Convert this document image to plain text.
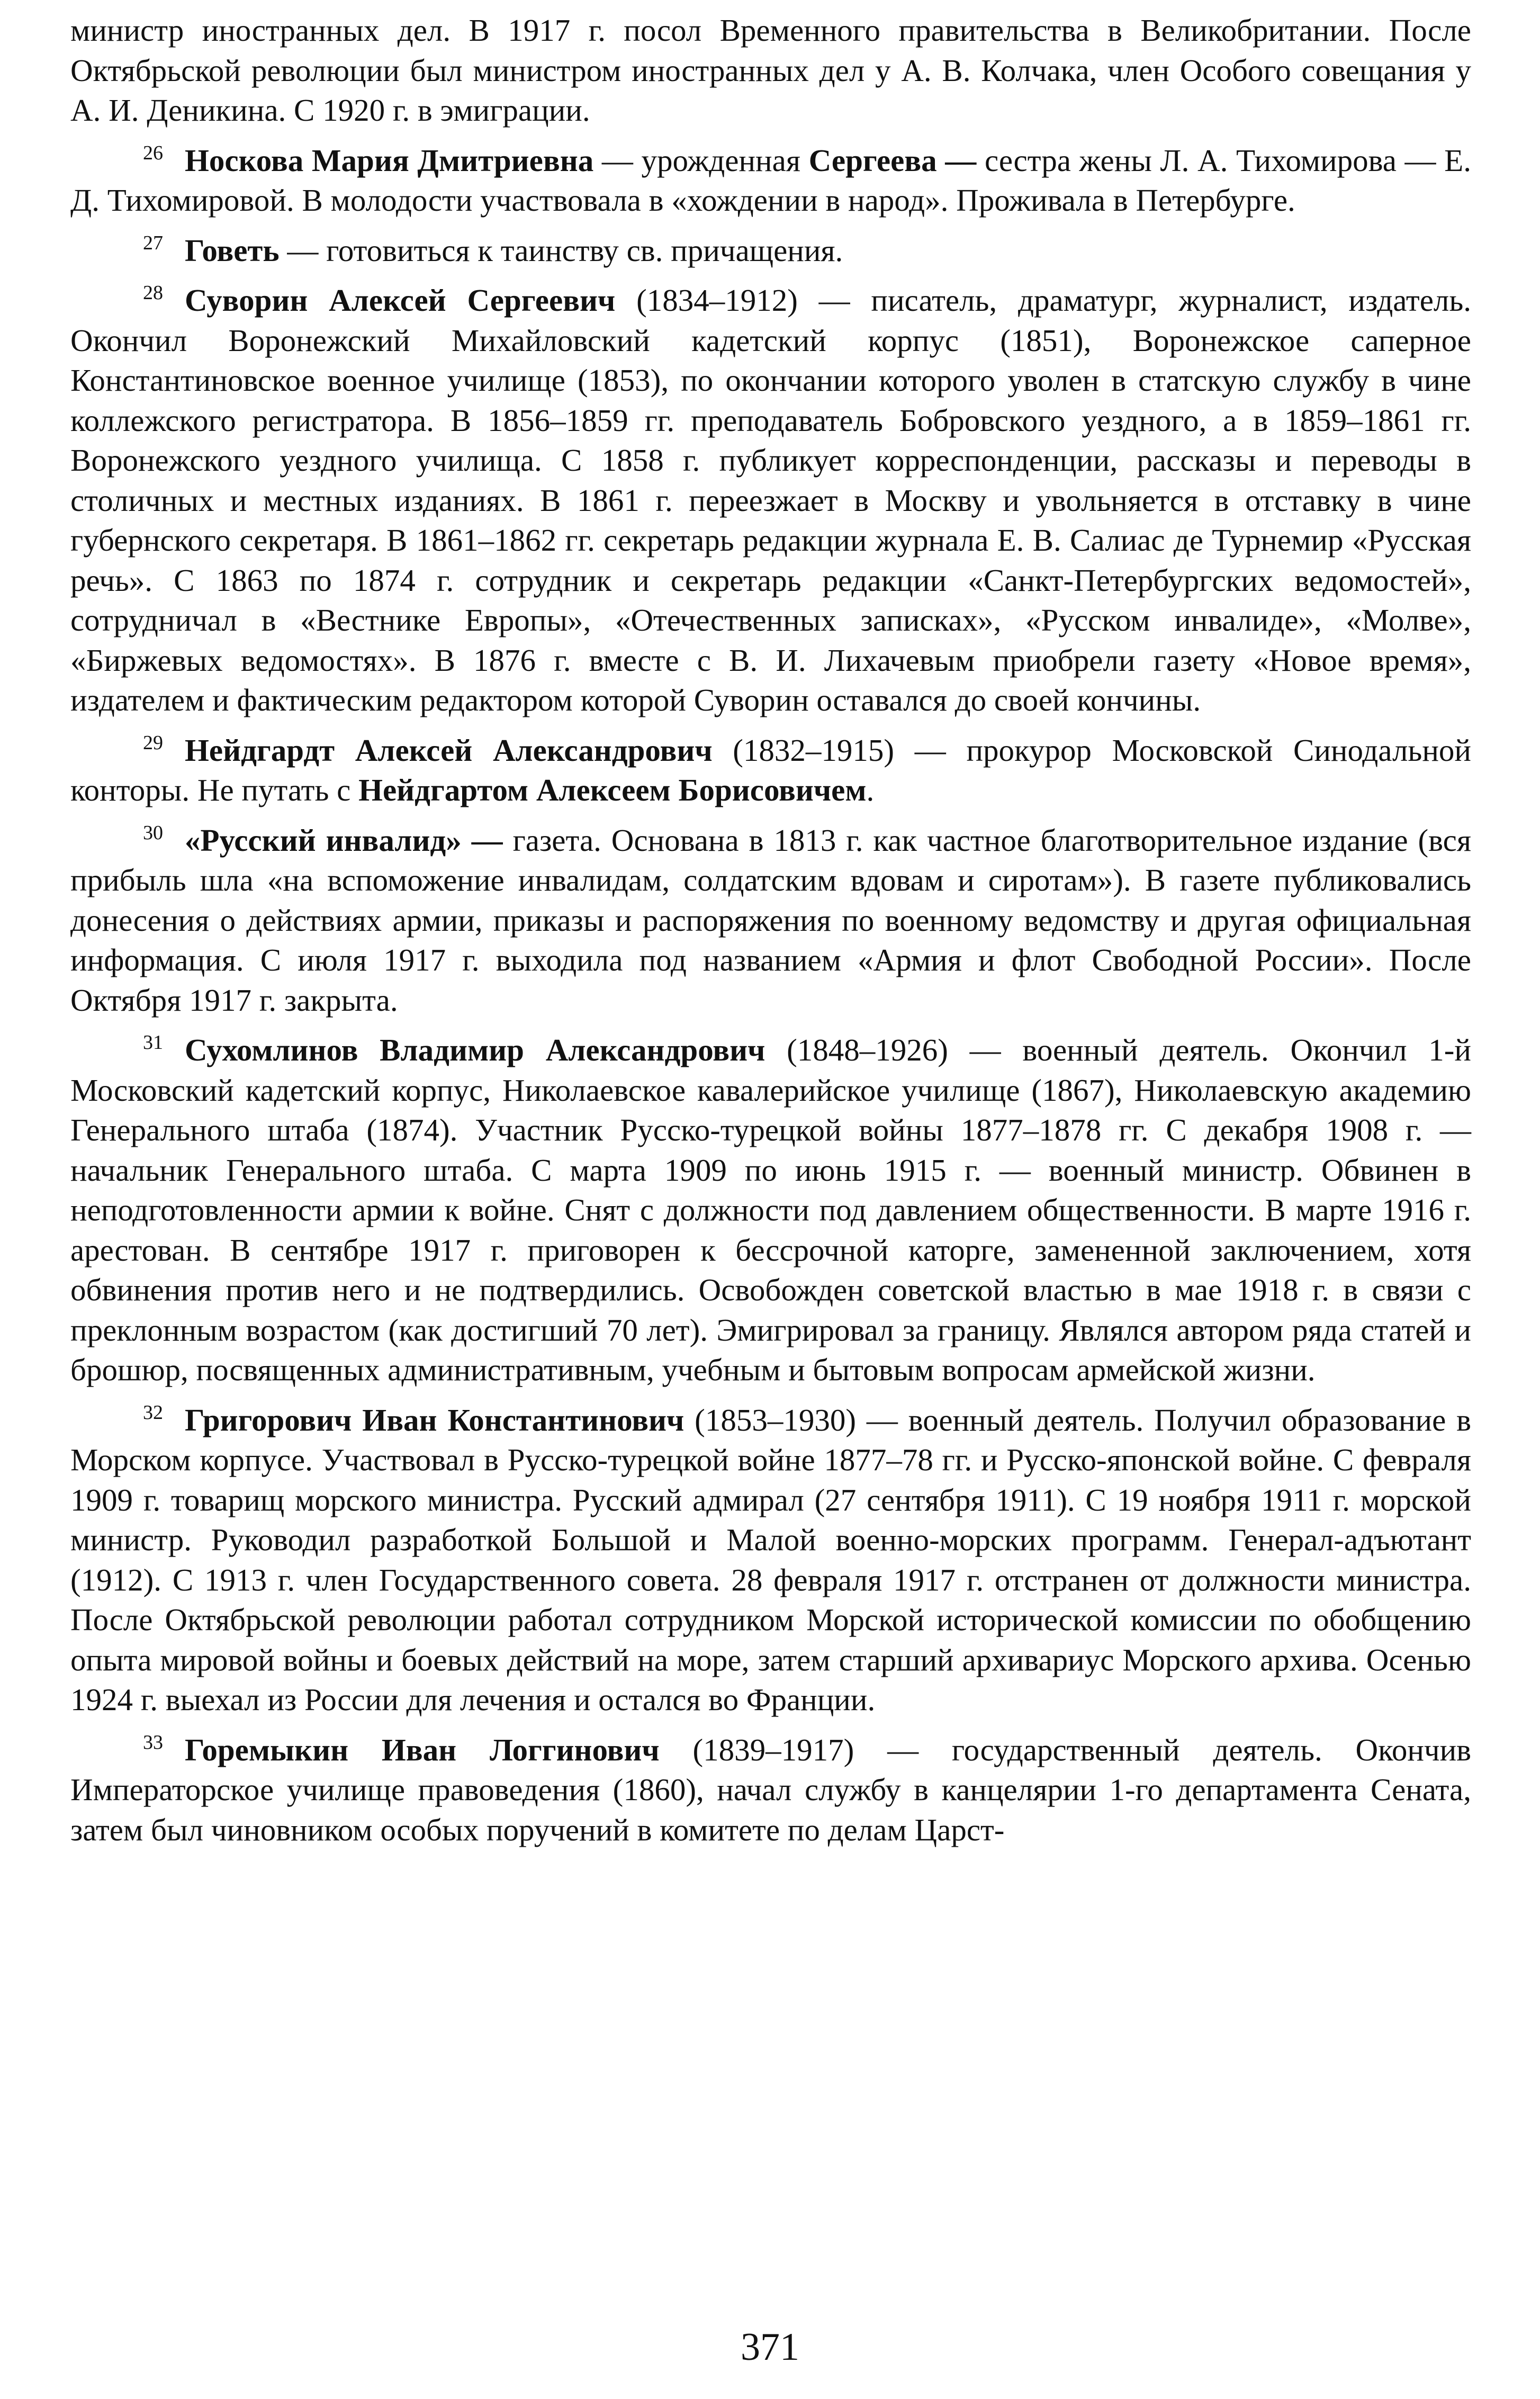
министр иностранных дел. В 1917 г. посол Временного правительства в Великобритании. После Октябрьской революции был министром иностранных дел у А. В. Колчака, член Особого совещания у А. И. Деникина. С 1920 г. в эмиграции.

26 Носкова Мария Дмитриевна — урожденная Сергеева — сестра жены Л. А. Тихомирова — Е. Д. Тихомировой. В молодости участвовала в «хождении в народ». Проживала в Петербурге.

27 Говеть — готовиться к таинству св. причащения.

28 Суворин Алексей Сергеевич (1834–1912) — писатель, драматург, журналист, издатель. Окончил Воронежский Михайловский кадетский корпус (1851), Воронежское саперное Константиновское военное училище (1853), по окончании которого уволен в статскую службу в чине коллежского регистратора. В 1856–1859 гг. преподаватель Бобровского уездного, а в 1859–1861 гг. Воронежского уездного училища. С 1858 г. публикует корреспонденции, рассказы и переводы в столичных и местных изданиях. В 1861 г. переезжает в Москву и увольняется в отставку в чине губернского секретаря. В 1861–1862 гг. секретарь редакции журнала Е. В. Салиас де Турнемир «Русская речь». С 1863 по 1874 г. сотрудник и секретарь редакции «Санкт-Петербургских ведомостей», сотрудничал в «Вестнике Европы», «Отечественных записках», «Русском инвалиде», «Молве», «Биржевых ведомостях». В 1876 г. вместе с В. И. Лихачевым приобрели газету «Новое время», издателем и фактическим редактором которой Суворин оставался до своей кончины.

29 Нейдгардт Алексей Александрович (1832–1915) — прокурор Московской Синодальной конторы. Не путать с Нейдгартом Алексеем Борисовичем.

30 «Русский инвалид» — газета. Основана в 1813 г. как частное благотворительное издание (вся прибыль шла «на вспоможение инвалидам, солдатским вдовам и сиротам»). В газете публиковались донесения о действиях армии, приказы и распоряжения по военному ведомству и другая официальная информация. С июля 1917 г. выходила под названием «Армия и флот Свободной России». После Октября 1917 г. закрыта.

31 Сухомлинов Владимир Александрович (1848–1926) — военный деятель. Окончил 1-й Московский кадетский корпус, Николаевское кавалерийское училище (1867), Николаевскую академию Генерального штаба (1874). Участник Русско-турецкой войны 1877–1878 гг. С декабря 1908 г. — начальник Генерального штаба. С марта 1909 по июнь 1915 г. — военный министр. Обвинен в неподготовленности армии к войне. Снят с должности под давлением общественности. В марте 1916 г. арестован. В сентябре 1917 г. приговорен к бессрочной каторге, замененной заключением, хотя обвинения против него и не подтвердились. Освобожден советской властью в мае 1918 г. в связи с преклонным возрастом (как достигший 70 лет). Эмигрировал за границу. Являлся автором ряда статей и брошюр, посвященных административным, учебным и бытовым вопросам армейской жизни.

32 Григорович Иван Константинович (1853–1930) — военный деятель. Получил образование в Морском корпусе. Участвовал в Русско-турецкой войне 1877–78 гг. и Русско-японской войне. С февраля 1909 г. товарищ морского министра. Русский адмирал (27 сентября 1911). С 19 ноября 1911 г. морской министр. Руководил разработкой Большой и Малой военно-морских программ. Генерал-адъютант (1912). С 1913 г. член Государственного совета. 28 февраля 1917 г. отстранен от должности министра. После Октябрьской революции работал сотрудником Морской исторической комиссии по обобщению опыта мировой войны и боевых действий на море, затем старший архивариус Морского архива. Осенью 1924 г. выехал из России для лечения и остался во Франции.

33 Горемыкин Иван Логгинович (1839–1917) — государственный деятель. Окончив Императорское училище правоведения (1860), начал службу в канцелярии 1-го департамента Сената, затем был чиновником особых поручений в комитете по делам Царст-

371
